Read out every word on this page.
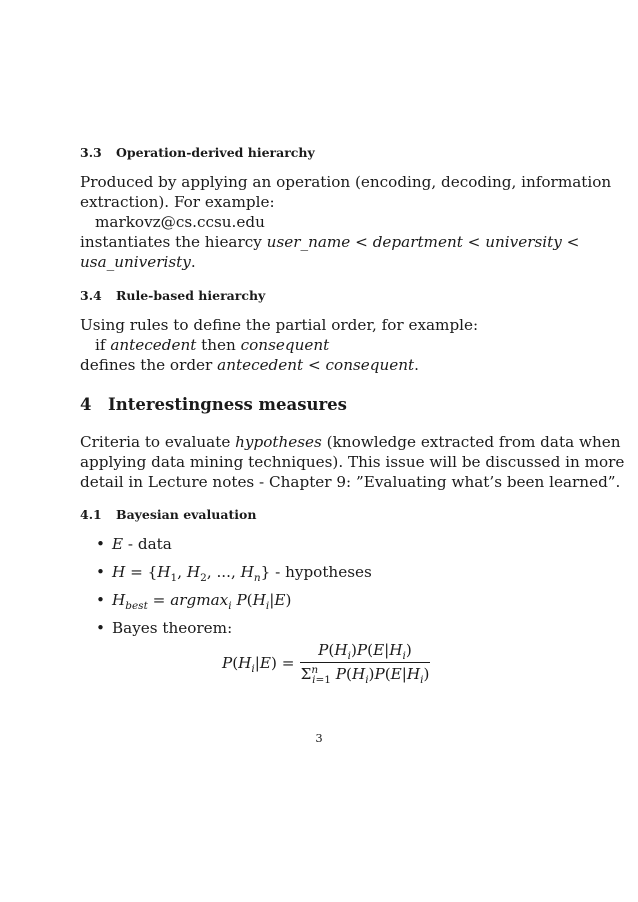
3.3 Operation-derived hierarchy
Produced by applying an operation (encoding, decoding, information
extraction). For example:
markovz@cs.ccsu.edu
instantiates the hiearcy user_name < department < university <
usa_univeristy.
3.4 Rule-based hierarchy
Using rules to define the partial order, for example:
if antecedent then consequent
defines the order antecedent < consequent.
4 Interestingness measures
Criteria to evaluate hypotheses (knowledge extracted from data when
applying data mining techniques). This issue will be discussed in more
detail in Lecture notes - Chapter 9: ”Evaluating what’s been learned”.
4.1 Bayesian evaluation
• E - data
• $H = \{H_1$, $H_2$, ..., $H_n$} - hypotheses
• $H_{best} = argmax_i$ $P(H_i|E)$
• Bayes theorem:
$P(H_i|E)$ =
$P(H_i)P(E|H_i)$
$\Sigma^n_{i=1}$ $P(H_i)P(E|H_i)$
3
